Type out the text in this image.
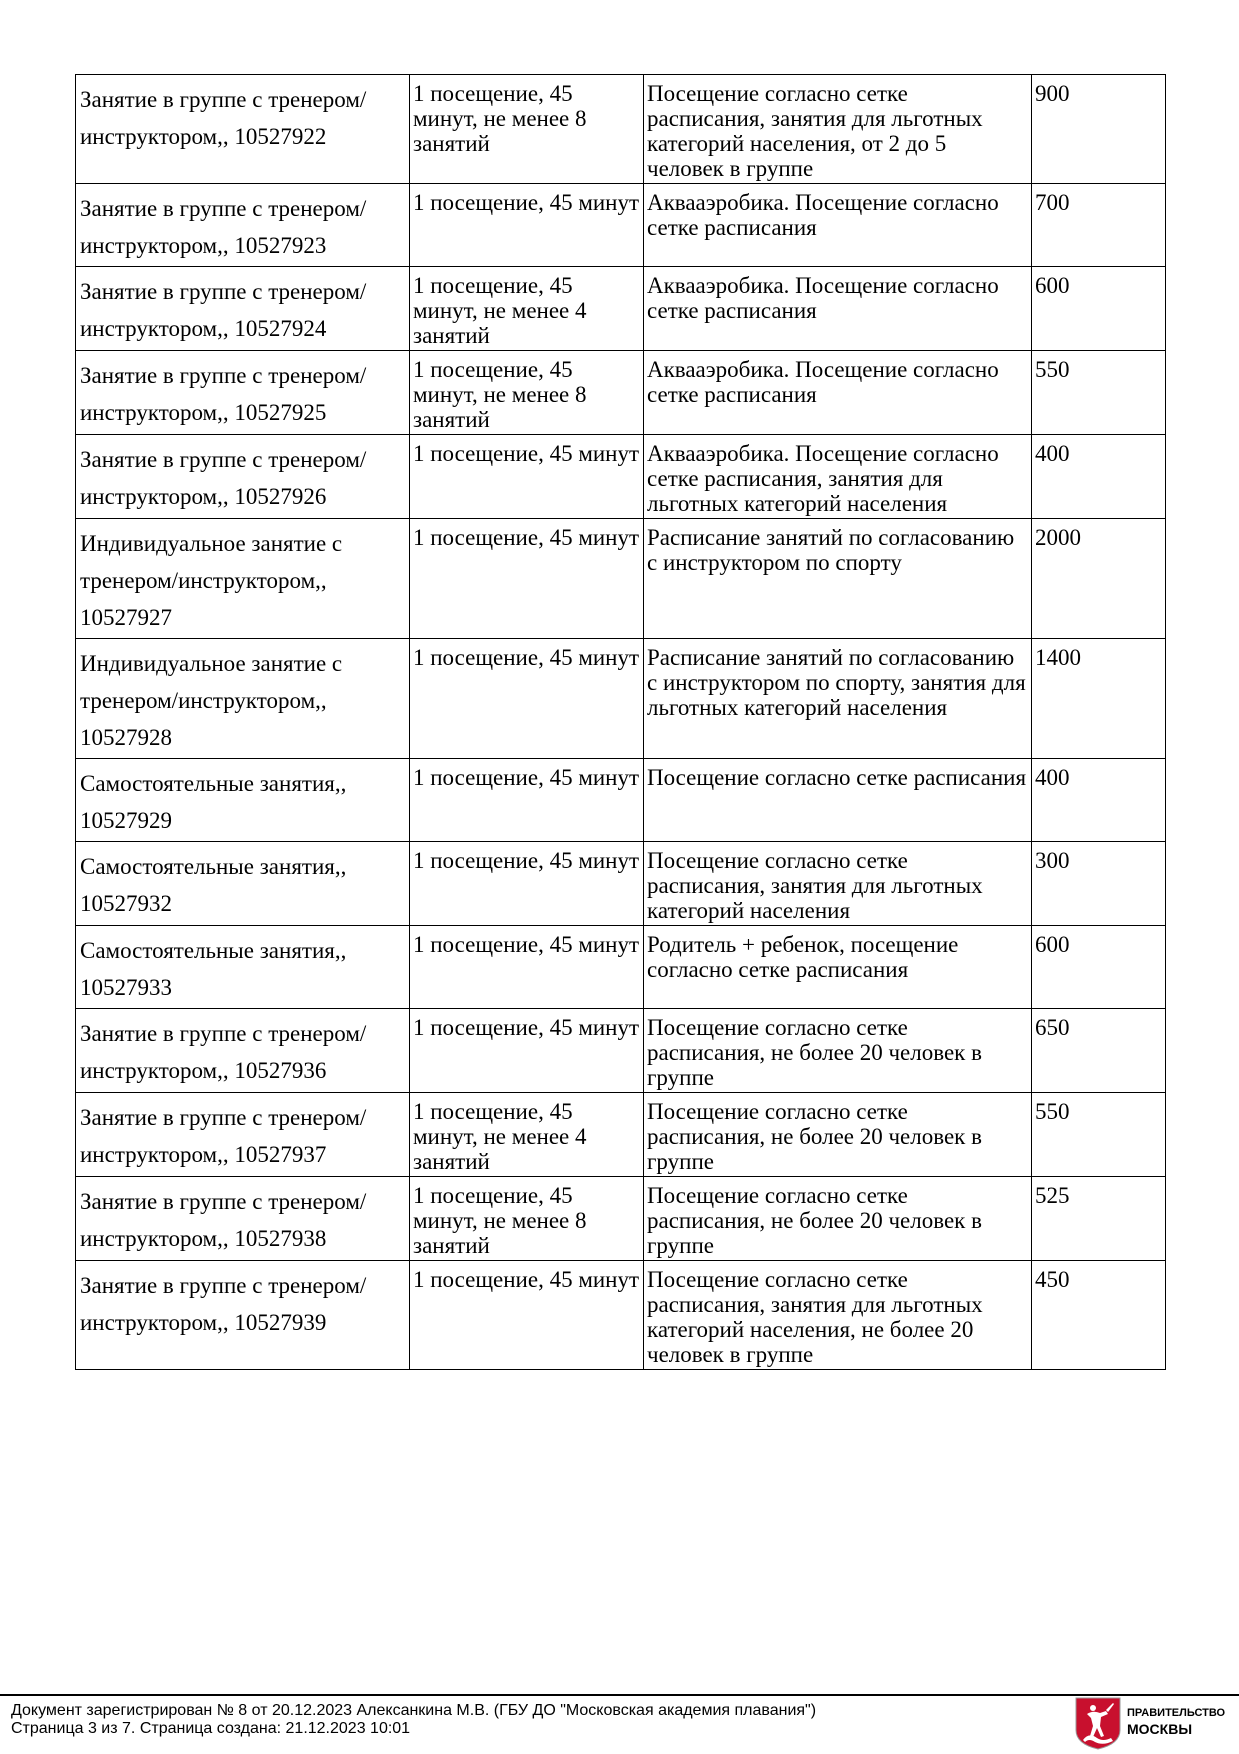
Занятие в группе с тренером/инструктором,, 10527922	1 посещение, 45 минут, не менее 8 занятий	Посещение согласно сетке расписания, занятия для льготных категорий населения, от 2 до 5 человек в группе	900
Занятие в группе с тренером/инструктором,, 10527923	1 посещение, 45 минут	Аквааэробика. Посещение согласно сетке расписания	700
Занятие в группе с тренером/инструктором,, 10527924	1 посещение, 45 минут, не менее 4 занятий	Аквааэробика. Посещение согласно сетке расписания	600
Занятие в группе с тренером/инструктором,, 10527925	1 посещение, 45 минут, не менее 8 занятий	Аквааэробика. Посещение согласно сетке расписания	550
Занятие в группе с тренером/инструктором,, 10527926	1 посещение, 45 минут	Аквааэробика. Посещение согласно сетке расписания, занятия для льготных категорий населения	400
Индивидуальное занятие с тренером/инструктором,, 10527927	1 посещение, 45 минут	Расписание занятий по согласованию с инструктором по спорту	2000
Индивидуальное занятие с тренером/инструктором,, 10527928	1 посещение, 45 минут	Расписание занятий по согласованию с инструктором по спорту, занятия для льготных категорий населения	1400
Самостоятельные занятия,, 10527929	1 посещение, 45 минут	Посещение согласно сетке расписания	400
Самостоятельные занятия,, 10527932	1 посещение, 45 минут	Посещение согласно сетке расписания, занятия для льготных категорий населения	300
Самостоятельные занятия,, 10527933	1 посещение, 45 минут	Родитель + ребенок, посещение согласно сетке расписания	600
Занятие в группе с тренером/инструктором,, 10527936	1 посещение, 45 минут	Посещение согласно сетке расписания, не более 20 человек в группе	650
Занятие в группе с тренером/инструктором,, 10527937	1 посещение, 45 минут, не менее 4 занятий	Посещение согласно сетке расписания, не более 20 человек в группе	550
Занятие в группе с тренером/инструктором,, 10527938	1 посещение, 45 минут, не менее 8 занятий	Посещение согласно сетке расписания, не более 20 человек в группе	525
Занятие в группе с тренером/инструктором,, 10527939	1 посещение, 45 минут	Посещение согласно сетке расписания, занятия для льготных категорий населения, не более 20 человек в группе	450
Документ зарегистрирован № 8 от 20.12.2023 Алексанкина М.В. (ГБУ ДО "Московская академия плавания")
Страница 3 из 7. Страница создана: 21.12.2023 10:01
ПРАВИТЕЛЬСТВО
МОСКВЫ
